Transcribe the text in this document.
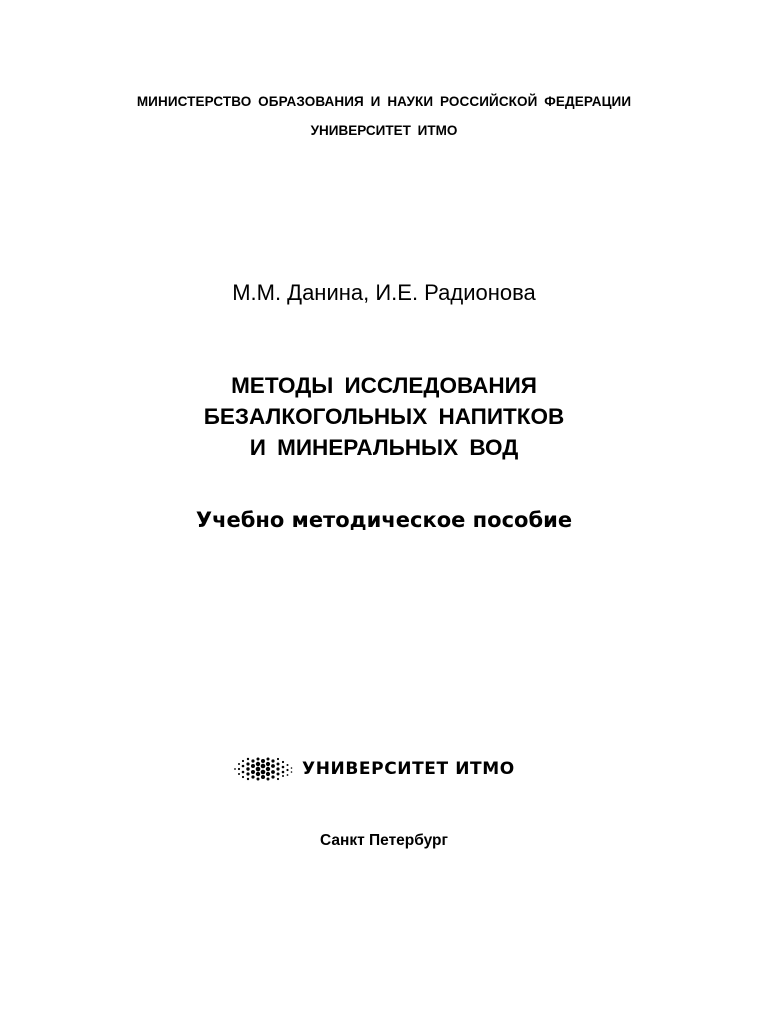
МИНИСТЕРСТВО ОБРАЗОВАНИЯ И НАУКИ РОССИЙСКОЙ ФЕДЕРАЦИИ
УНИВЕРСИТЕТ ИТМО
М.М. Данина, И.Е. Радионова
МЕТОДЫ ИССЛЕДОВАНИЯ
БЕЗАЛКОГОЛЬНЫХ НАПИТКОВ
И МИНЕРАЛЬНЫХ ВОД
Учебно методическое пособие
УНИВЕРСИТЕТ ИТМО
Санкт Петербург
